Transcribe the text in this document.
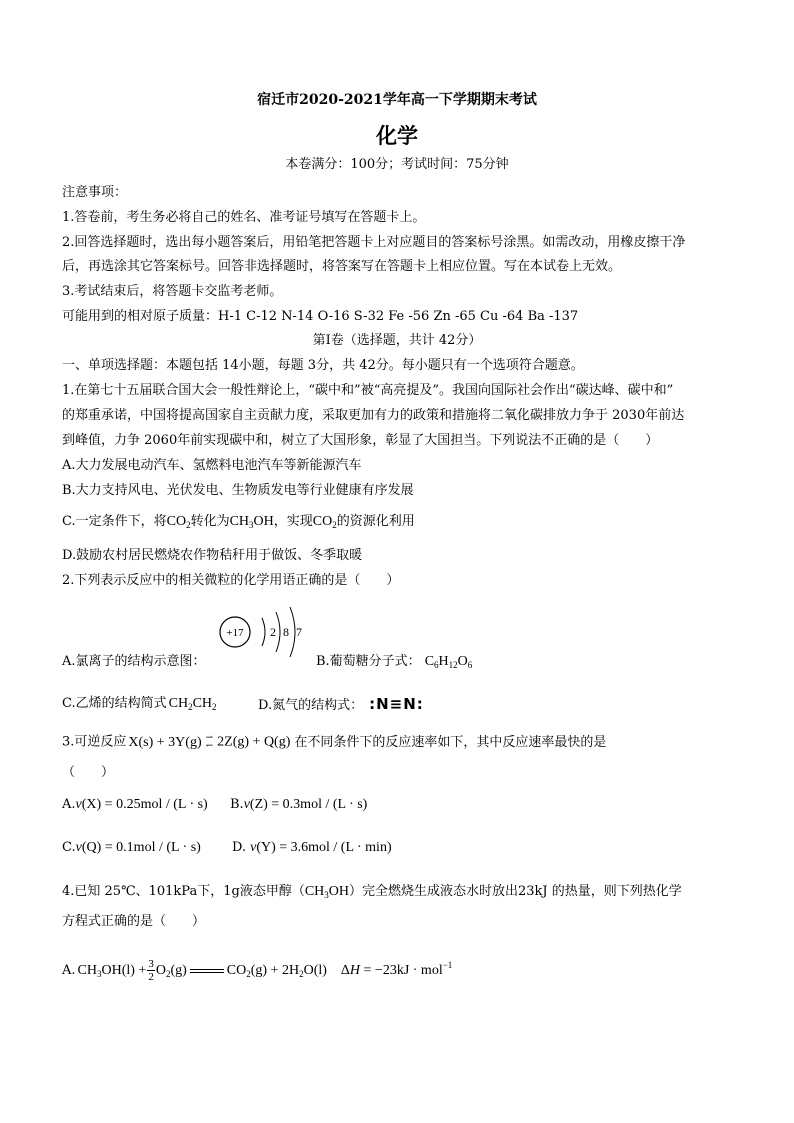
宿迁市2020-2021学年高一下学期期末考试
化学
本卷满分：100分；考试时间：75分钟
注意事项：
1.答卷前，考生务必将自己的姓名、准考证号填写在答题卡上。
2.回答选择题时，选出每小题答案后，用铅笔把答题卡上对应题目的答案标号涂黑。如需改动，用橡皮擦干净
后，再选涂其它答案标号。回答非选择题时，将答案写在答题卡上相应位置。写在本试卷上无效。
3.考试结束后，将答题卡交监考老师。
可能用到的相对原子质量：H-1 C-12 N-14 O-16 S-32 Fe -56 Zn -65 Cu -64 Ba -137
第Ⅰ卷（选择题，共计 42分）
一、单项选择题：本题包括 14小题，每题 3分，共 42分。每小题只有一个选项符合题意。
1.在第七十五届联合国大会一般性辩论上，“碳中和”被“高亮提及”。我国向国际社会作出“碳达峰、碳中和”
的郑重承诺，中国将提高国家自主贡献力度，采取更加有力的政策和措施将二氧化碳排放力争于 2030年前达
到峰值，力争 2060年前实现碳中和，树立了大国形象，彰显了大国担当。下列说法不正确的是（　　）
A.大力发展电动汽车、氢燃料电池汽车等新能源汽车
B.大力支持风电、光伏发电、生物质发电等行业健康有序发展
C.一定条件下，将$CO_2$转化为$CH_3OH$，实现$CO_2$的资源化利用
D.鼓励农村居民燃烧农作物秸秆用于做饭、冬季取暖
2.下列表示反应中的相关微粒的化学用语正确的是（　　）
+17 2 8 7
A.氯离子的结构示意图：	B.葡萄糖分子式： $C_6H_{12}O_6$
C.乙烯的结构简式 $CH_2CH_2$	D.氮气的结构式： :N≡N:
3.可逆反应 X(s) + 3Y(g) ⇀
↽ 2Z(g) + Q(g) 在不同条件下的反应速率如下，其中反应速率最快的是
（　　）
A.v(X) = 0.25mol / (L · s) B.v(Z) = 0.3mol / (L · s)
C.v(Q) = 0.1mol / (L · s) D. v(Y) = 3.6mol / (L · min)
4.已知 25℃、101kPa下，1g液态甲醇$(CH_3OH)$完全燃烧生成液态水时放出23kJ 的热量，则下列热化学
方程式正确的是（　　）
A. $CH_3OH(l) + \frac{3}{2} O_2(g)$	$CO_2(g) + 2H_2O(l)$    ΔH = −23kJ · mol$^{-1}$
